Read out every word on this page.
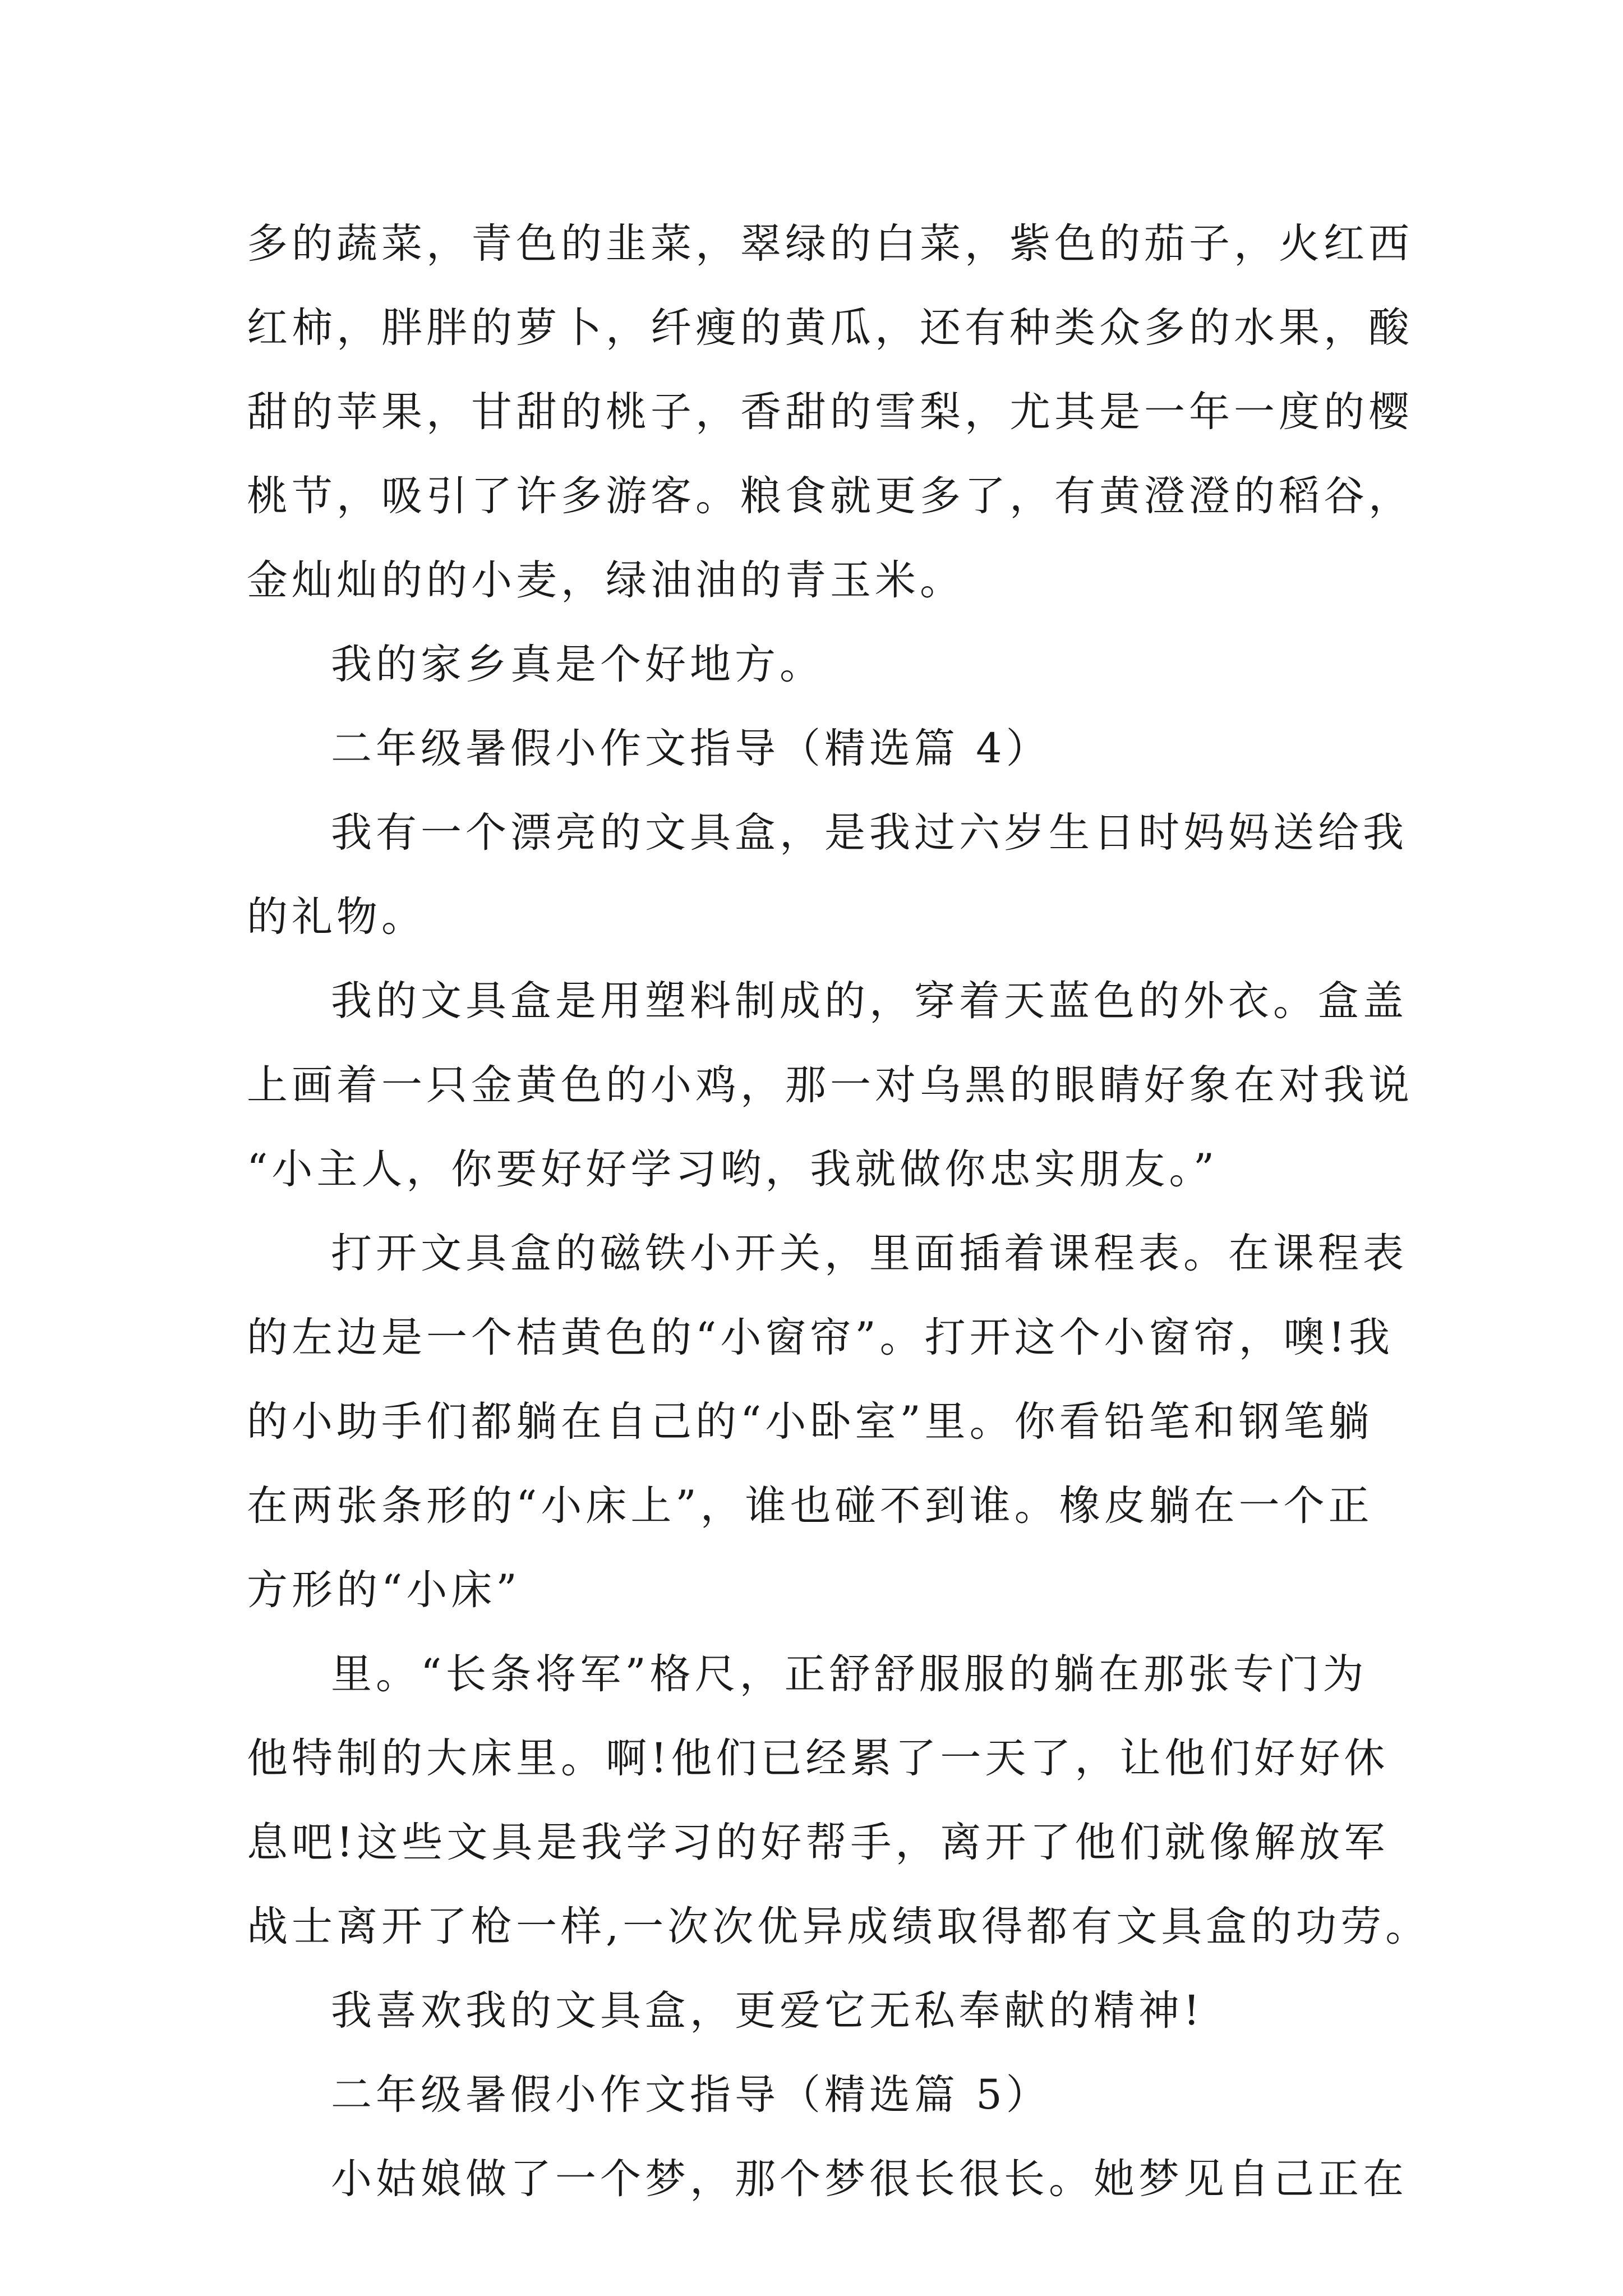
多的蔬菜，青色的韭菜，翠绿的白菜，紫色的茄子，火红西
红柿，胖胖的萝卜，纤瘦的黄瓜，还有种类众多的水果，酸
甜的苹果，甘甜的桃子，香甜的雪梨，尤其是一年一度的樱
桃节，吸引了许多游客。粮食就更多了，有黄澄澄的稻谷，
金灿灿的的小麦，绿油油的青玉米。
我的家乡真是个好地方。
二年级暑假小作文指导（精选篇 4）
我有一个漂亮的文具盒，是我过六岁生日时妈妈送给我
的礼物。
我的文具盒是用塑料制成的，穿着天蓝色的外衣。盒盖
上画着一只金黄色的小鸡，那一对乌黑的眼睛好象在对我说
“小主人，你要好好学习哟，我就做你忠实朋友。”
打开文具盒的磁铁小开关，里面插着课程表。在课程表
的左边是一个桔黄色的“小窗帘”。打开这个小窗帘，噢!我
的小助手们都躺在自己的“小卧室”里。你看铅笔和钢笔躺
在两张条形的“小床上”，谁也碰不到谁。橡皮躺在一个正
方形的“小床”
里。“长条将军”格尺，正舒舒服服的躺在那张专门为
他特制的大床里。啊!他们已经累了一天了，让他们好好休
息吧!这些文具是我学习的好帮手，离开了他们就像解放军
战士离开了枪一样,一次次优异成绩取得都有文具盒的功劳。
我喜欢我的文具盒，更爱它无私奉献的精神!
二年级暑假小作文指导（精选篇 5）
小姑娘做了一个梦，那个梦很长很长。她梦见自己正在
